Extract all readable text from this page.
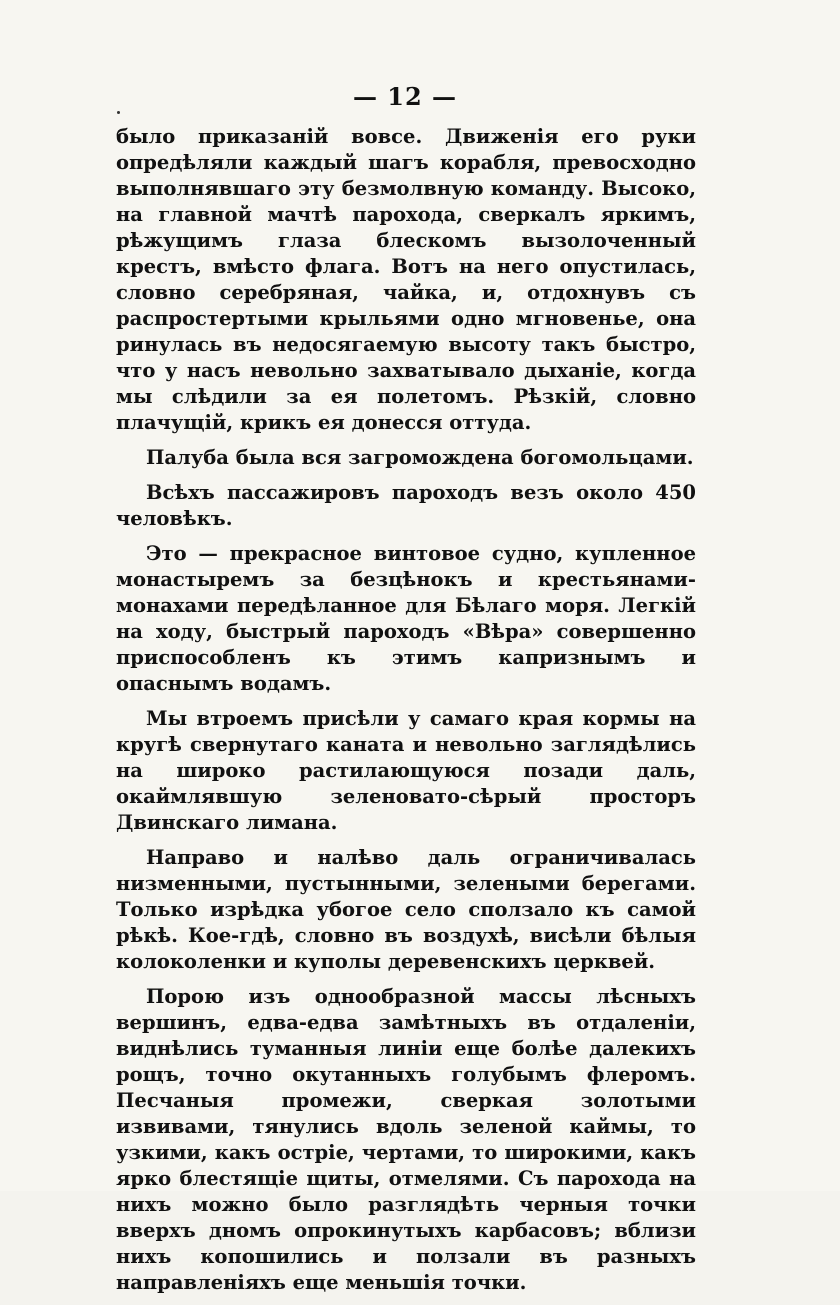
— 12 —

было приказаній вовсе. Движенія его руки опредѣляли каждый шагъ корабля, превосходно выполнявшаго эту безмолвную команду. Высоко, на главной мачтѣ парохода, сверкалъ яркимъ, рѣжущимъ глаза блескомъ вызолоченный крестъ, вмѣсто флага. Вотъ на него опустилась, словно серебряная, чайка, и, отдохнувъ съ распростертыми крыльями одно мгновенье, она ринулась въ недосягаемую высоту такъ быстро, что у насъ невольно захватывало дыханіе, когда мы слѣдили за ея полетомъ. Рѣзкій, словно плачущій, крикъ ея донесся оттуда.

Палуба была вся загромождена богомольцами.

Всѣхъ пассажировъ пароходъ везъ около 450 человѣкъ.

Это — прекрасное винтовое судно, купленное монастыремъ за безцѣнокъ и крестьянами-монахами передѣланное для Бѣлаго моря. Легкій на ходу, быстрый пароходъ «Вѣра» совершенно приспособленъ къ этимъ капризнымъ и опаснымъ водамъ.

Мы втроемъ присѣли у самаго края кормы на кругѣ свернутаго каната и невольно заглядѣлись на широко растилающуюся позади даль, окаймлявшую зеленовато-сѣрый просторъ Двинскаго лимана.

Направо и налѣво даль ограничивалась низменными, пустынными, зелеными берегами. Только изрѣдка убогое село сползало къ самой рѣкѣ. Кое-гдѣ, словно въ воздухѣ, висѣли бѣлыя колоколенки и куполы деревенскихъ церквей.

Порою изъ однообразной массы лѣсныхъ вершинъ, едва-едва замѣтныхъ въ отдаленіи, виднѣлись туманныя линіи еще болѣе далекихъ рощъ, точно окутанныхъ голубымъ флеромъ. Песчаныя промежи, сверкая золотыми извивами, тянулись вдоль зеленой каймы, то узкими, какъ остріе, чертами, то широкими, какъ ярко блестящіе щиты, отмелями. Съ парохода на нихъ можно было разглядѣть черныя точки вверхъ дномъ опрокинутыхъ карбасовъ; вблизи нихъ копошились и ползали въ разныхъ направленіяхъ еще меньшія точки.
